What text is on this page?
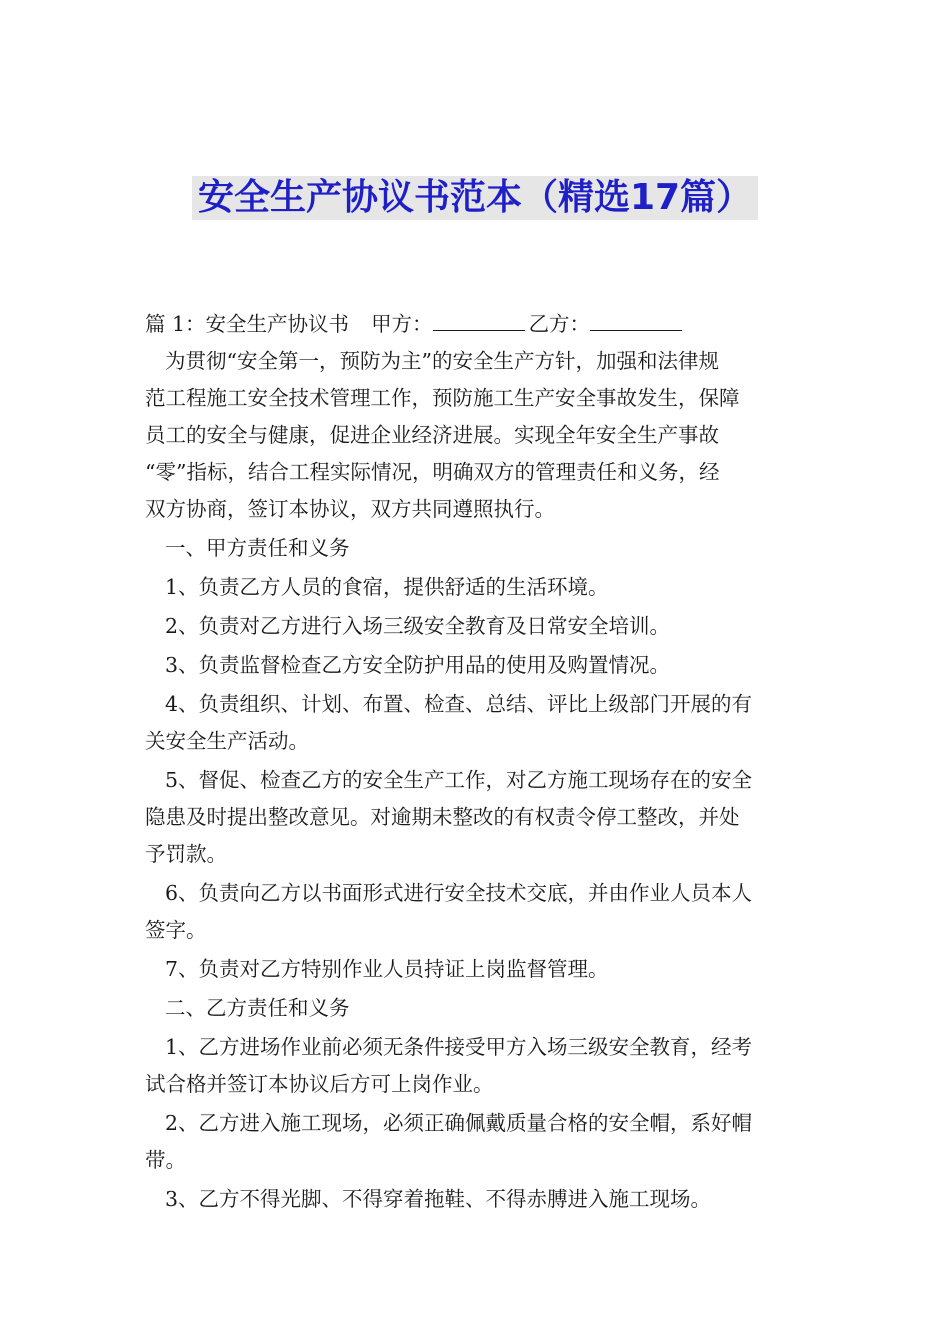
安全生产协议书范本（精选17篇）
篇 1：安全生产协议书 甲方：	乙方：
为贯彻“安全第一，预防为主”的安全生产方针，加强和法律规
范工程施工安全技术管理工作，预防施工生产安全事故发生，保障
员工的安全与健康，促进企业经济进展。实现全年安全生产事故
“零”指标，结合工程实际情况，明确双方的管理责任和义务，经
双方协商，签订本协议，双方共同遵照执行。
一、甲方责任和义务
1、负责乙方人员的食宿，提供舒适的生活环境。
2、负责对乙方进行入场三级安全教育及日常安全培训。
3、负责监督检查乙方安全防护用品的使用及购置情况。
4、负责组织、计划、布置、检查、总结、评比上级部门开展的有
关安全生产活动。
5、督促、检查乙方的安全生产工作，对乙方施工现场存在的安全
隐患及时提出整改意见。对逾期未整改的有权责令停工整改，并处
予罚款。
6、负责向乙方以书面形式进行安全技术交底，并由作业人员本人
签字。
7、负责对乙方特别作业人员持证上岗监督管理。
二、乙方责任和义务
1、乙方进场作业前必须无条件接受甲方入场三级安全教育，经考
试合格并签订本协议后方可上岗作业。
2、乙方进入施工现场，必须正确佩戴质量合格的安全帽，系好帽
带。
3、乙方不得光脚、不得穿着拖鞋、不得赤膊进入施工现场。
